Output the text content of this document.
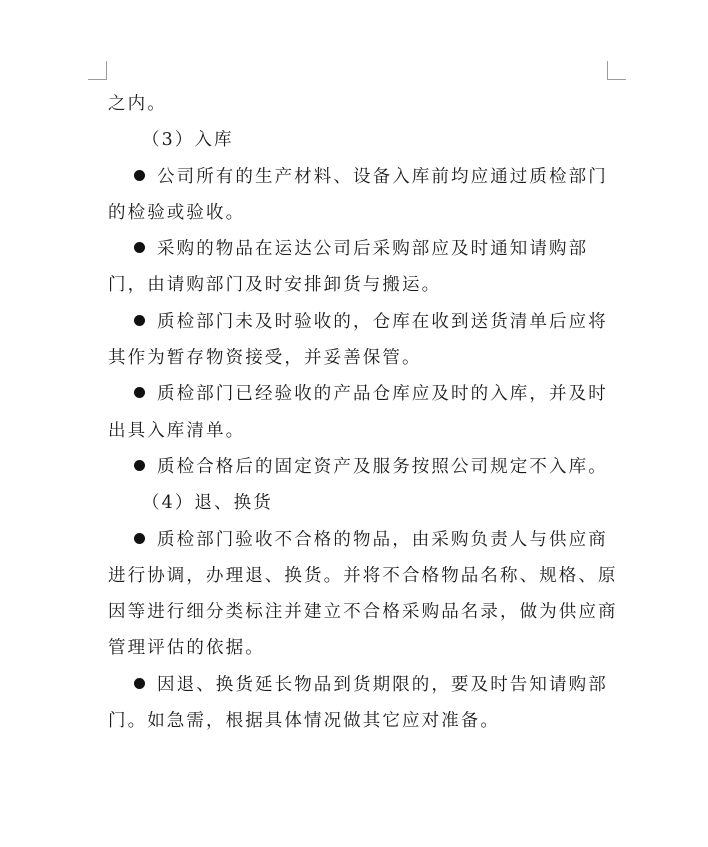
之内。
（3）入库
公司所有的生产材料、设备入库前均应通过质检部门
的检验或验收。
采购的物品在运达公司后采购部应及时通知请购部
门，由请购部门及时安排卸货与搬运。
质检部门未及时验收的，仓库在收到送货清单后应将
其作为暂存物资接受，并妥善保管。
质检部门已经验收的产品仓库应及时的入库，并及时
出具入库清单。
质检合格后的固定资产及服务按照公司规定不入库。
（4）退、换货
质检部门验收不合格的物品，由采购负责人与供应商
进行协调，办理退、换货。并将不合格物品名称、规格、原
因等进行细分类标注并建立不合格采购品名录，做为供应商
管理评估的依据。
因退、换货延长物品到货期限的，要及时告知请购部
门。如急需，根据具体情况做其它应对准备。
